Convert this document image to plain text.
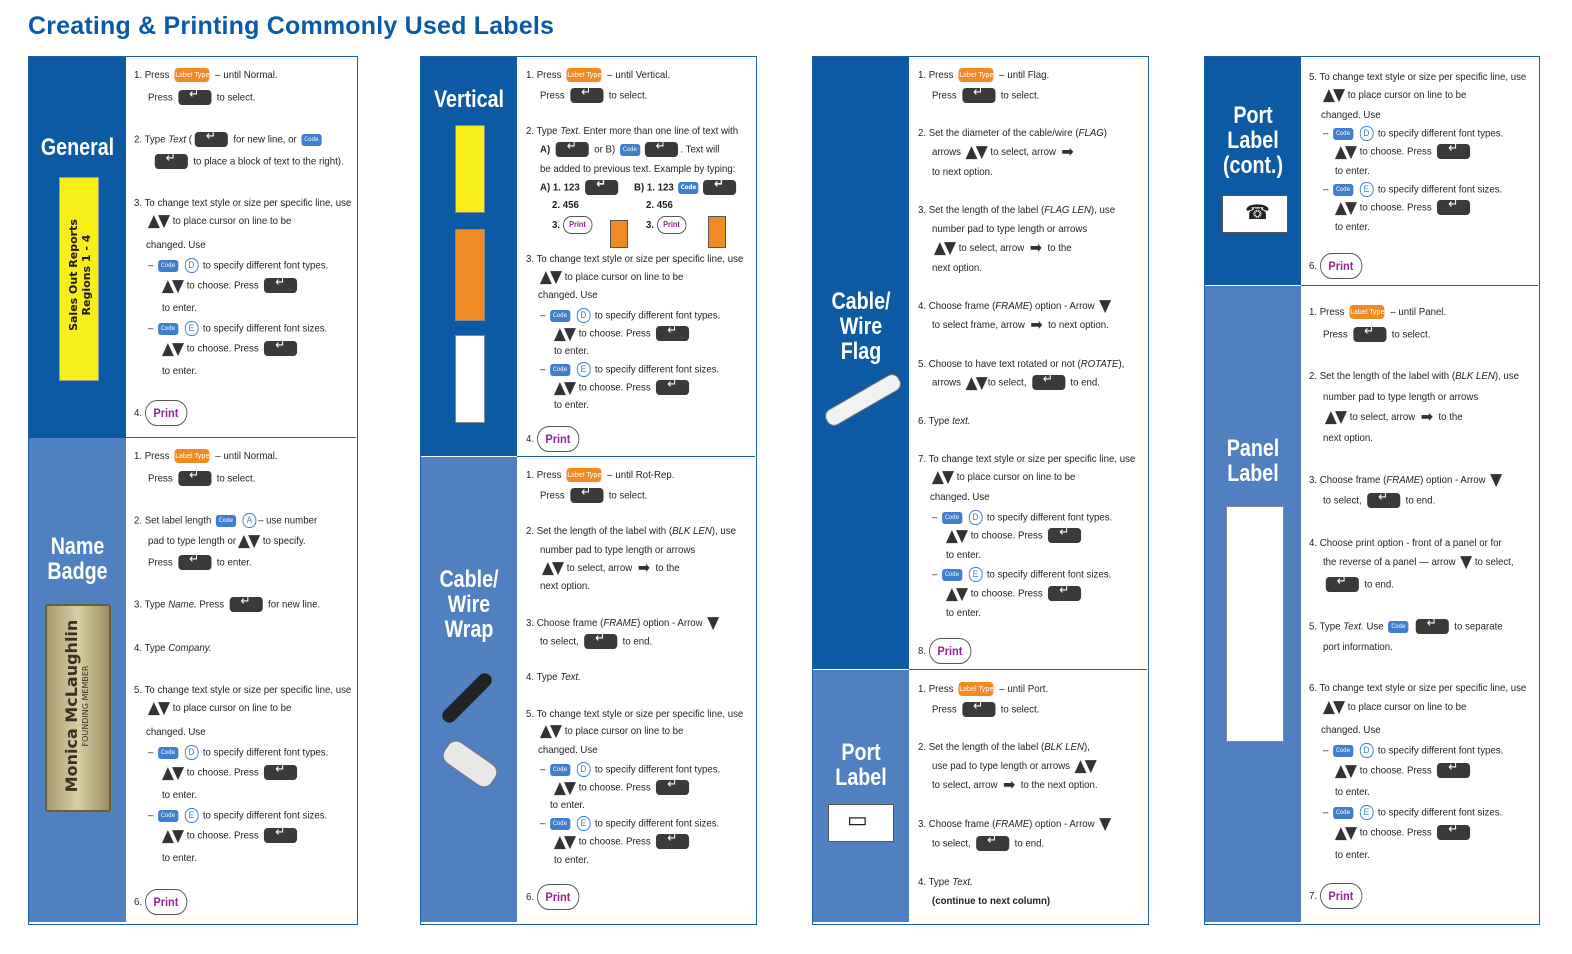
Creating & Printing Commonly Used Labels
General
Sales Out Reports Regions 1 - 4
1. Press Label Type – until Normal.
Press ↵	to select.
2. Type Text ( ↵	for new line, or Code
↵ to place a block of text to the right).
3. To change text style or size per specific line, use
▲▼ to place cursor on line to be
changed. Use
– Code D to specify different font types.
▲▼ to choose. Press ↵
to enter.
– Code E to specify different font sizes.
▲▼ to choose. Press ↵
to enter.
4. Print
Name
Badge
Monica McLaughlin FOUNDING MEMBER
1. Press Label Type – until Normal.
Press ↵	to select.
2. Set label length Code A – use number
pad to type length or ▲▼ to specify.
Press ↵	to enter.
3. Type Name. Press ↵	for new line.
4. Type Company.
5. To change text style or size per specific line, use
▲▼ to place cursor on line to be
changed. Use
– Code D to specify different font types.
▲▼ to choose. Press ↵
to enter.
– Code E to specify different font sizes.
▲▼ to choose. Press ↵
to enter.
6. Print
Vertical
1. Press Label Type – until Vertical.
Press ↵	to select.
2. Type Text. Enter more than one line of text with
A) ↵	or B) Code ↵	. Text will
be added to previous text. Example by typing:
A) 1. 123 ↵	B) 1. 123 Code↵
2. 456	2. 456
3. Print	3. Print
3. To change text style or size per specific line, use
▲▼ to place cursor on line to be
changed. Use
– Code D to specify different font types.
▲▼ to choose. Press ↵
to enter.
– Code E to specify different font sizes.
▲▼ to choose. Press ↵
to enter.
4. Print
Cable/
Wire
Wrap
1. Press Label Type – until Rot-Rep.
Press ↵	to select.
2. Set the length of the label with (BLK LEN), use
number pad to type length or arrows
▲▼ to select, arrow ➡ to the
next option.
3. Choose frame (FRAME) option - Arrow ▼
to select, ↵	to end.
4. Type Text.
5. To change text style or size per specific line, use
▲▼ to place cursor on line to be
changed. Use
– Code D to specify different font types.
▲▼ to choose. Press ↵
to enter.
– Code E to specify different font sizes.
▲▼ to choose. Press ↵
to enter.
6. Print
Cable/
Wire
Flag
1. Press Label Type – until Flag.
Press ↵	to select.
2. Set the diameter of the cable/wire (FLAG)
arrows ▲▼ to select, arrow ➡
to next option.
3. Set the length of the label (FLAG LEN), use
number pad to type length or arrows
▲▼ to select, arrow ➡ to the
next option.
4. Choose frame (FRAME) option - Arrow ▼
to select frame, arrow ➡ to next option.
5. Choose to have text rotated or not (ROTATE),
arrows ▲▼ to select, ↵	to end.
6. Type text.
7. To change text style or size per specific line, use
▲▼ to place cursor on line to be
changed. Use
– Code D to specify different font types.
▲▼ to choose. Press ↵
to enter.
– Code E to specify different font sizes.
▲▼ to choose. Press ↵
to enter.
8. Print
Port
Label
▭
1. Press Label Type – until Port.
Press ↵	to select.
2. Set the length of the label (BLK LEN),
use pad to type length or arrows ▲▼
to select, arrow ➡ to the next option.
3. Choose frame (FRAME) option - Arrow ▼
to select, ↵	to end.
4. Type Text.
(continue to next column)
Port
Label
(cont.)
☎
5. To change text style or size per specific line, use
▲▼ to place cursor on line to be
changed. Use
– Code D to specify different font types.
▲▼ to choose. Press ↵
to enter.
– Code E to specify different font sizes.
▲▼ to choose. Press ↵
to enter.
6. Print
Panel
Label
1. Press Label Type – until Panel.
Press ↵	to select.
2. Set the length of the label with (BLK LEN), use
number pad to type length or arrows
▲▼ to select, arrow ➡ to the
next option.
3. Choose frame (FRAME) option - Arrow ▼
to select, ↵	to end.
4. Choose print option - front of a panel or for
the reverse of a panel — arrow ▼ to select,
↵ to end.
5. Type Text. Use Code ↵	to separate
port information.
6. To change text style or size per specific line, use
▲▼ to place cursor on line to be
changed. Use
– Code D to specify different font types.
▲▼ to choose. Press ↵
to enter.
– Code E to specify different font sizes.
▲▼ to choose. Press ↵
to enter.
7. Print
